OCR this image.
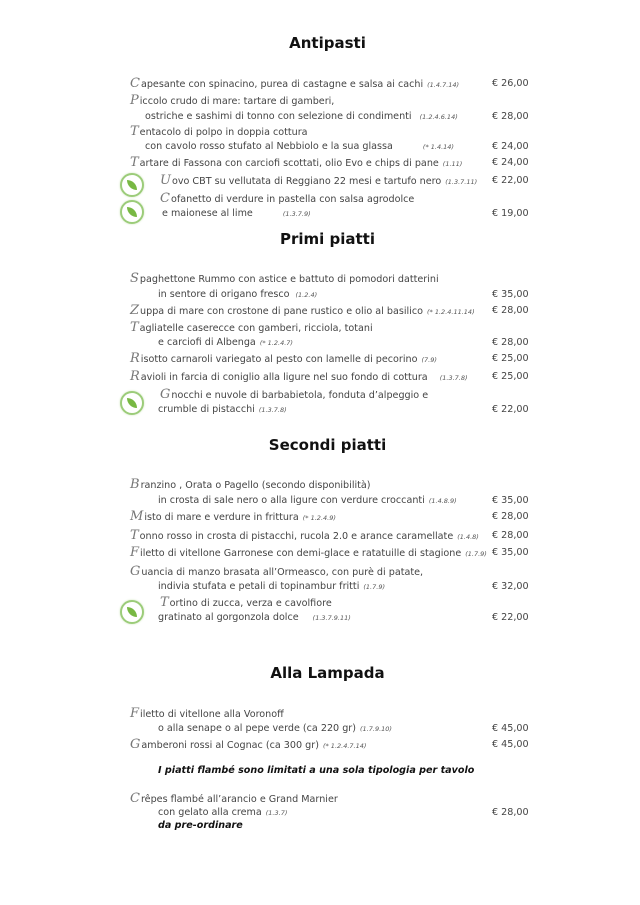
Antipasti
Capesante con spinacino, purea di castagne e salsa ai cachi (1.4.7.14)	€ 26,00
Piccolo crudo di mare: tartare di gamberi,
ostriche e sashimi di tonno con selezione di condimenti (1.2.4.6.14)	€ 28,00
Tentacolo di polpo in doppia cottura
con cavolo rosso stufato al Nebbiolo e la sua glassa	(* 1.4.14)	€ 24,00
Tartare di Fassona con carciofi scottati, olio Evo e chips di pane (1.11)	€ 24,00
Uovo CBT su vellutata di Reggiano 22 mesi e tartufo nero (1.3.7.11) € 22,00
Cofanetto di verdure in pastella con salsa agrodolce
e maionese al lime	(1.3.7.9)	€ 19,00
Primi piatti
Spaghettone Rummo con astice e battuto di pomodori datterini
in sentore di origano fresco (1.2.4)	€ 35,00
Zuppa di mare con crostone di pane rustico e olio al basilico (* 1.2.4.11.14) € 28,00
Tagliatelle caserecce con gamberi, ricciola, totani
e carciofi di Albenga (* 1.2.4.7)	€ 28,00
Risotto carnaroli variegato al pesto con lamelle di pecorino (7.9)	€ 25,00
Ravioli in farcia di coniglio alla ligure nel suo fondo di cottura (1.3.7.8)	€ 25,00
Gnocchi e nuvole di barbabietola, fonduta d’alpeggio e
crumble di pistacchi (1.3.7.8)	€ 22,00
Secondi piatti
Branzino , Orata o Pagello (secondo disponibilità)
in crosta di sale nero o alla ligure con verdure croccanti (1.4.8.9)	€ 35,00
Misto di mare e verdure in frittura (* 1.2.4.9)	€ 28,00
Tonno rosso in crosta di pistacchi, rucola 2.0 e arance caramellate (1.4.8) € 28,00
Filetto di vitellone Garronese con demi-glace e ratatuille di stagione (1.7.9) € 35,00
Guancia di manzo brasata all’Ormeasco, con purè di patate,
indivia stufata e petali di topinambur fritti (1.7.9)	€ 32,00
Tortino di zucca, verza e cavolfiore
gratinato al gorgonzola dolce (1.3.7.9.11)	€ 22,00
Alla Lampada
Filetto di vitellone alla Voronoff
o alla senape o al pepe verde (ca 220 gr) (1.7.9.10)	€ 45,00
Gamberoni rossi al Cognac (ca 300 gr) (* 1.2.4.7.14)	€ 45,00
I piatti flambé sono limitati a una sola tipologia per tavolo
Crêpes flambé all’arancio e Grand Marnier
con gelato alla crema (1.3.7)	€ 28,00
da pre-ordinare
